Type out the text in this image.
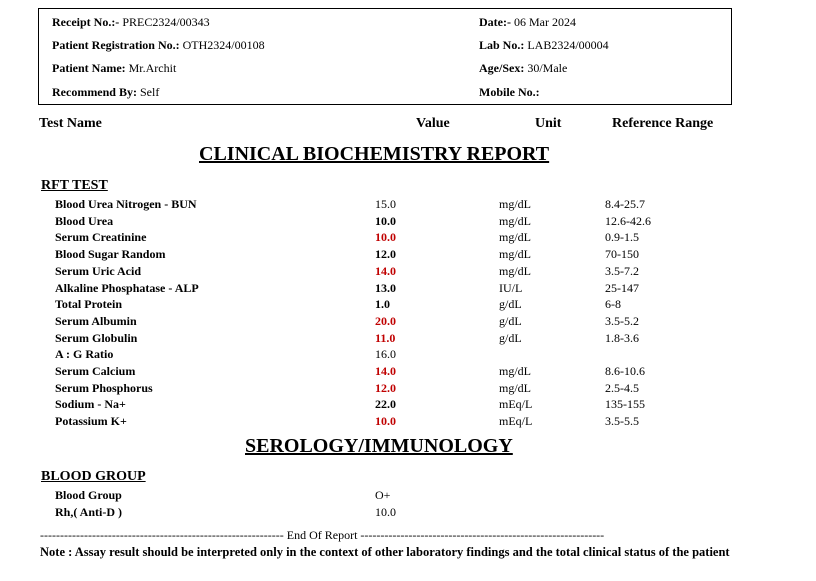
Receipt No.:- PREC2324/00343	Date:- 06 Mar 2024
Patient Registration No.: OTH2324/00108	Lab No.: LAB2324/00004
Patient Name: Mr.Archit	Age/Sex: 30/Male
Recommend By: Self	Mobile No.:
Test Name	Value	Unit	Reference Range
CLINICAL BIOCHEMISTRY REPORT
RFT TEST
Blood Urea Nitrogen - BUN	15.0	mg/dL	8.4-25.7
Blood Urea	10.0	mg/dL	12.6-42.6
Serum Creatinine	10.0	mg/dL	0.9-1.5
Blood Sugar Random	12.0	mg/dL	70-150
Serum Uric Acid	14.0	mg/dL	3.5-7.2
Alkaline Phosphatase - ALP	13.0	IU/L	25-147
Total Protein	1.0	g/dL	6-8
Serum Albumin	20.0	g/dL	3.5-5.2
Serum Globulin	11.0	g/dL	1.8-3.6
A : G Ratio	16.0
Serum Calcium	14.0	mg/dL	8.6-10.6
Serum Phosphorus	12.0	mg/dL	2.5-4.5
Sodium - Na+	22.0	mEq/L	135-155
Potassium K+	10.0	mEq/L	3.5-5.5
SEROLOGY/IMMUNOLOGY
BLOOD GROUP
Blood Group	O+
Rh,( Anti-D )	10.0
------------------------------------------------------------- End Of Report -------------------------------------------------------------
Note : Assay result should be interpreted only in the context of other laboratory findings and the total clinical status of the patient
